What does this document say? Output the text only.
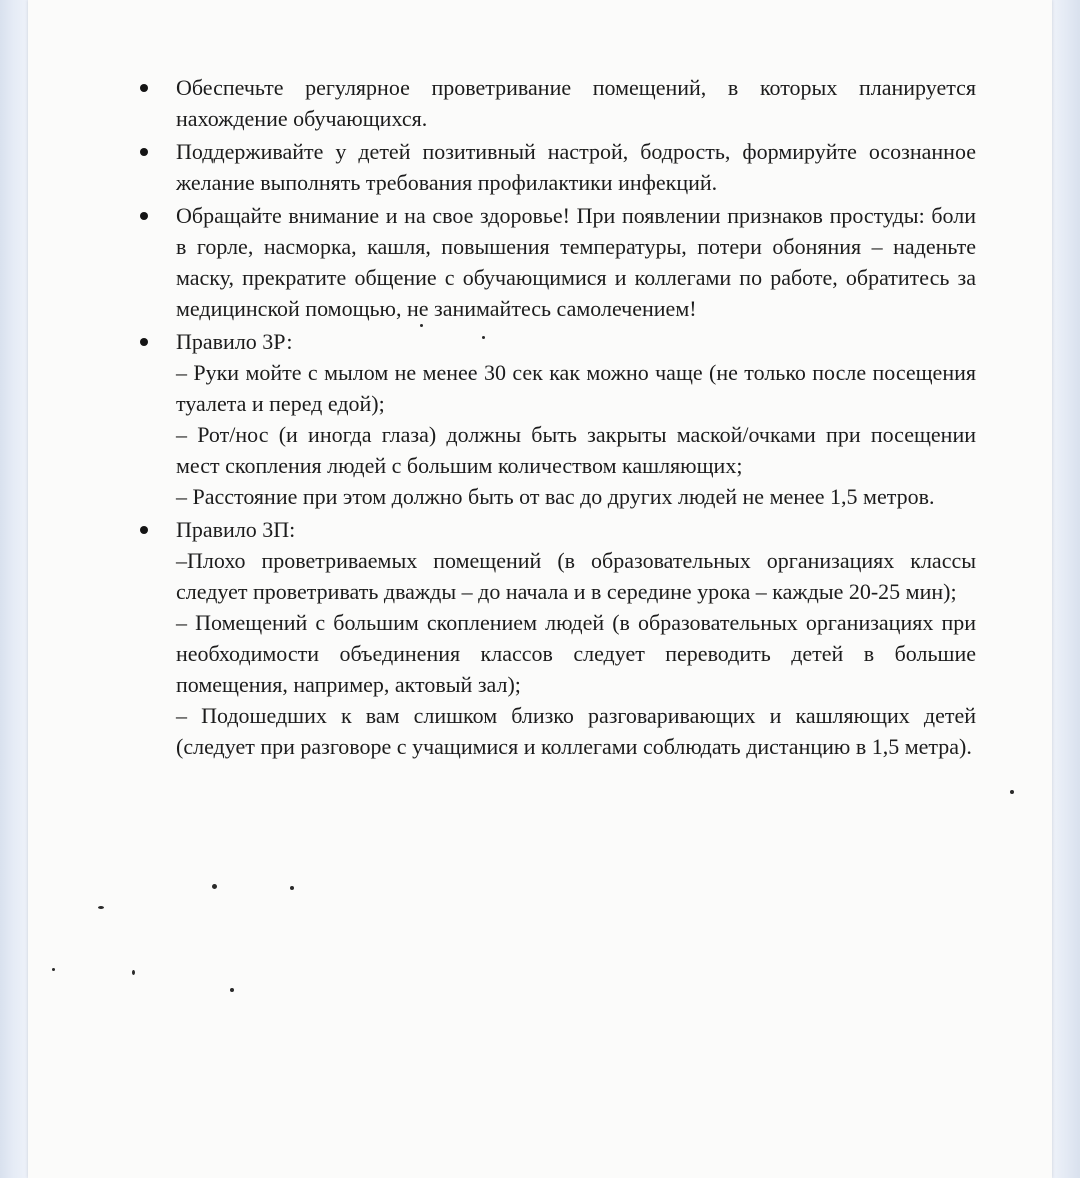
Обеспечьте регулярное проветривание помещений, в которых планируется нахождение обучающихся.
Поддерживайте у детей позитивный настрой, бодрость, формируйте осознанное желание выполнять требования профилактики инфекций.
Обращайте внимание и на свое здоровье! При появлении признаков простуды: боли в горле, насморка, кашля, повышения температуры, потери обоняния – наденьте маску, прекратите общение с обучающимися и коллегами по работе, обратитесь за медицинской помощью, не занимайтесь самолечением!
Правило 3Р:
– Руки мойте с мылом не менее 30 сек как можно чаще (не только после посещения туалета и перед едой);
– Рот/нос (и иногда глаза) должны быть закрыты маской/очками при посещении мест скопления людей с большим количеством кашляющих;
– Расстояние при этом должно быть от вас до других людей не менее 1,5 метров.
Правило 3П:
–Плохо проветриваемых помещений (в образовательных организациях классы следует проветривать дважды – до начала и в середине урока – каждые 20-25 мин);
– Помещений с большим скоплением людей (в образовательных организациях при необходимости объединения классов следует переводить детей в большие помещения, например, актовый зал);
– Подошедших к вам слишком близко разговаривающих и кашляющих детей (следует при разговоре с учащимися и коллегами соблюдать дистанцию в 1,5 метра).
